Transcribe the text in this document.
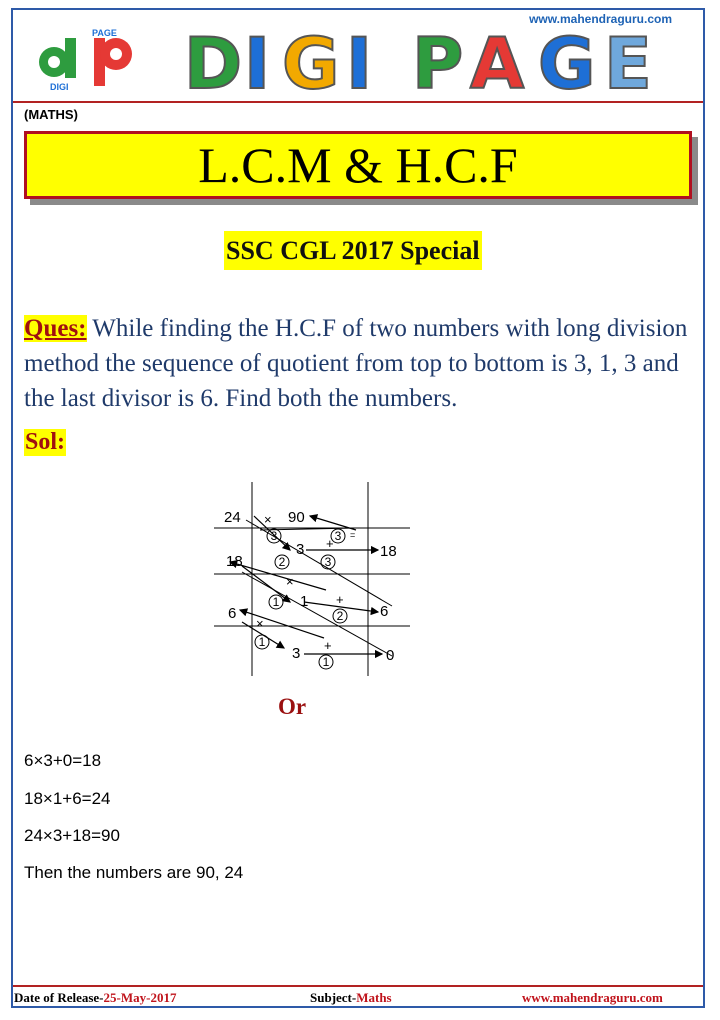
www.mahendraguru.com
PAGE
DIGI D I G I P A G E
(MATHS)
L.C.M & H.C.F
SSC CGL 2017 Special
Ques: While finding the H.C.F of two numbers with long division method the sequence of quotient from top to bottom is 3, 1, 3 and the last divisor is 6. Find both the numbers.
Sol:
24	90
18
6
3
1
3
18
6
0
3
2
1
1
3
3
2
1
×
+
×
+
×
+
=
Or
6×3+0=18
18×1+6=24
24×3+18=90
Then the numbers are 90, 24
Date of Release-25-May-2017	Subject-Maths	www.mahendraguru.com
